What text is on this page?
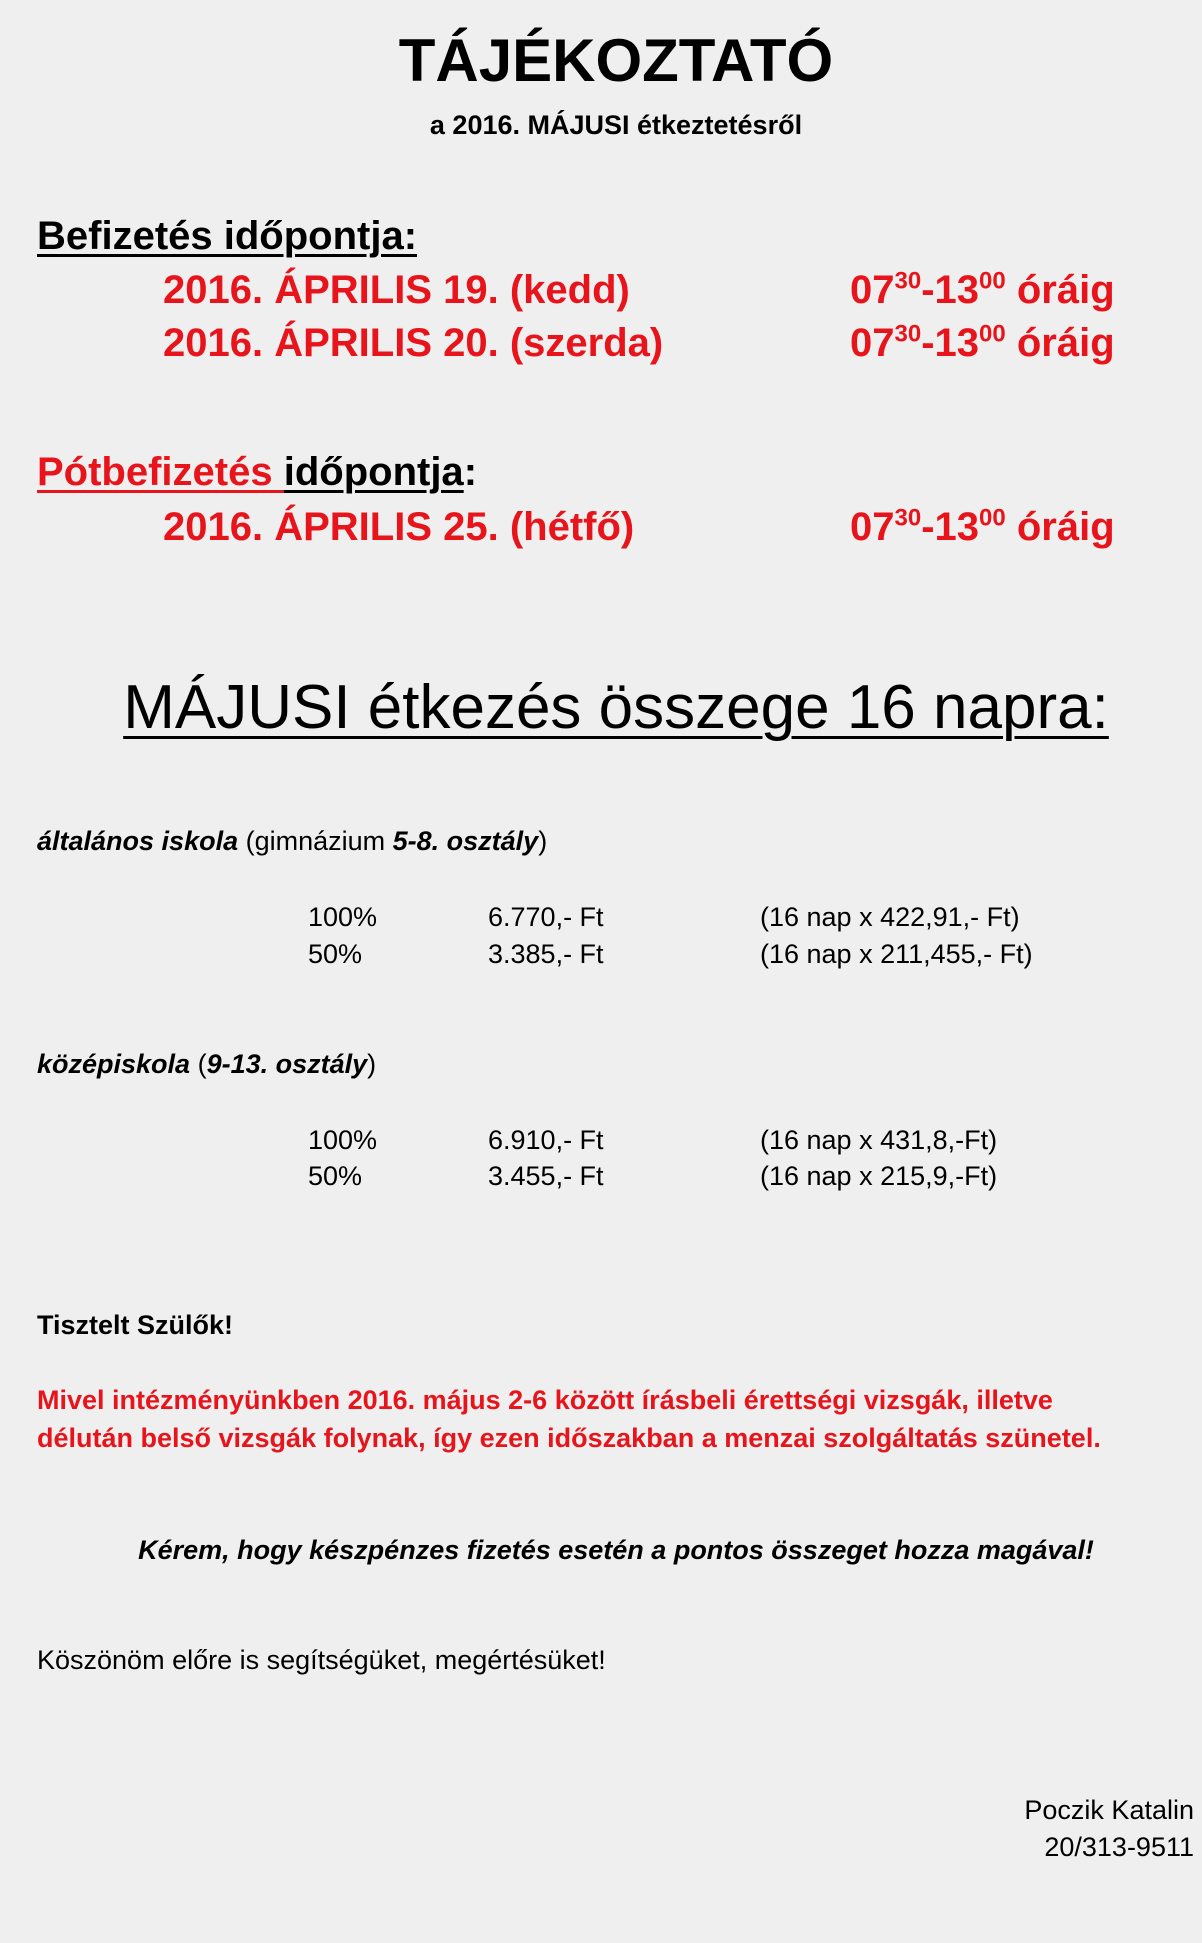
TÁJÉKOZTATÓ
a 2016. MÁJUSI étkeztetésről
Befizetés időpontja:
2016. ÁPRILIS 19. (kedd)	$07^{30}-13^{00}$ óráig
2016. ÁPRILIS 20. (szerda)	$07^{30}-13^{00}$ óráig
Pótbefizetés időpontja:
2016. ÁPRILIS 25. (hétfő)	$07^{30}-13^{00}$ óráig
MÁJUSI étkezés összege 16 napra:
általános iskola (gimnázium 5-8. osztály)
100%	6.770,- Ft	(16 nap x 422,91,- Ft)
50%	3.385,- Ft	(16 nap x 211,455,- Ft)
középiskola (9-13. osztály)
100%	6.910,- Ft	(16 nap x 431,8,-Ft)
50%	3.455,- Ft	(16 nap x 215,9,-Ft)
Tisztelt Szülők!
Mivel intézményünkben 2016. május 2-6 között írásbeli érettségi vizsgák, illetve
délután belső vizsgák folynak, így ezen időszakban a menzai szolgáltatás szünetel.
Kérem, hogy készpénzes fizetés esetén a pontos összeget hozza magával!
Köszönöm előre is segítségüket, megértésüket!
Poczik Katalin
20/313-9511
